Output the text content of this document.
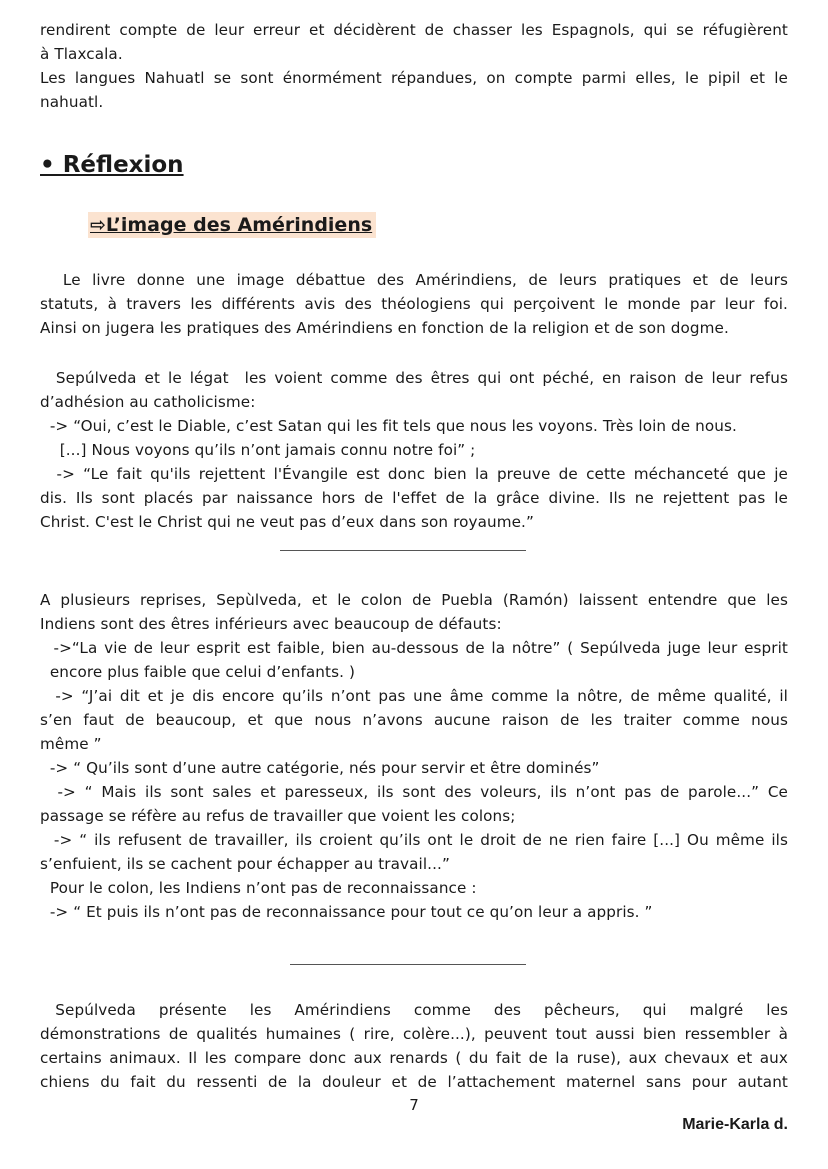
rendirent compte de leur erreur et décidèrent de chasser les Espagnols, qui se réfugièrent
à Tlaxcala.
Les langues Nahuatl se sont énormément répandues, on compte parmi elles, le pipil et le
nahuatl.
• Réflexion
⇨L’image des Amérindiens
Le livre donne une image débattue des Amérindiens, de leurs pratiques et de leurs
statuts, à travers les différents avis des théologiens qui perçoivent le monde par leur foi.
Ainsi on jugera les pratiques des Amérindiens en fonction de la religion et de son dogme.
Sepúlveda et le légat  les voient comme des êtres qui ont péché, en raison de leur refus
d’adhésion au catholicisme:
-> “Oui, c’est le Diable, c’est Satan qui les fit tels que nous les voyons. Très loin de nous.
[...] Nous voyons qu’ils n’ont jamais connu notre foi” ;
-> “Le fait qu'ils rejettent l'Évangile est donc bien la preuve de cette méchanceté que je
dis. Ils sont placés par naissance hors de l'effet de la grâce divine. Ils ne rejettent pas le
Christ. C'est le Christ qui ne veut pas d’eux dans son royaume.”
A plusieurs reprises, Sepùlveda, et le colon de Puebla (Ramón) laissent entendre que les
Indiens sont des êtres inférieurs avec beaucoup de défauts:
->“La vie de leur esprit est faible, bien au-dessous de la nôtre” ( Sepúlveda juge leur esprit
encore plus faible que celui d’enfants. )
-> “J’ai dit et je dis encore qu’ils n’ont pas une âme comme la nôtre, de même qualité, il
s’en faut de beaucoup, et que nous n’avons aucune raison de les traiter comme nous
même ”
-> “ Qu’ils sont d’une autre catégorie, nés pour servir et être dominés”
-> “ Mais ils sont sales et paresseux, ils sont des voleurs, ils n’ont pas de parole...” Ce
passage se réfère au refus de travailler que voient les colons;
-> “ ils refusent de travailler, ils croient qu’ils ont le droit de ne rien faire [...] Ou même ils
s’enfuient, ils se cachent pour échapper au travail...”
Pour le colon, les Indiens n’ont pas de reconnaissance :
-> “ Et puis ils n’ont pas de reconnaissance pour tout ce qu’on leur a appris. ”
Sepúlveda   présente   les   Amérindiens   comme   des   pêcheurs,   qui   malgré   les
démonstrations de qualités humaines ( rire, colère...), peuvent tout aussi bien ressembler à
certains animaux. Il les compare donc aux renards ( du fait de la ruse), aux chevaux et aux
chiens du fait du ressenti de la douleur et de l’attachement maternel sans pour autant
7
Marie-Karla d.
